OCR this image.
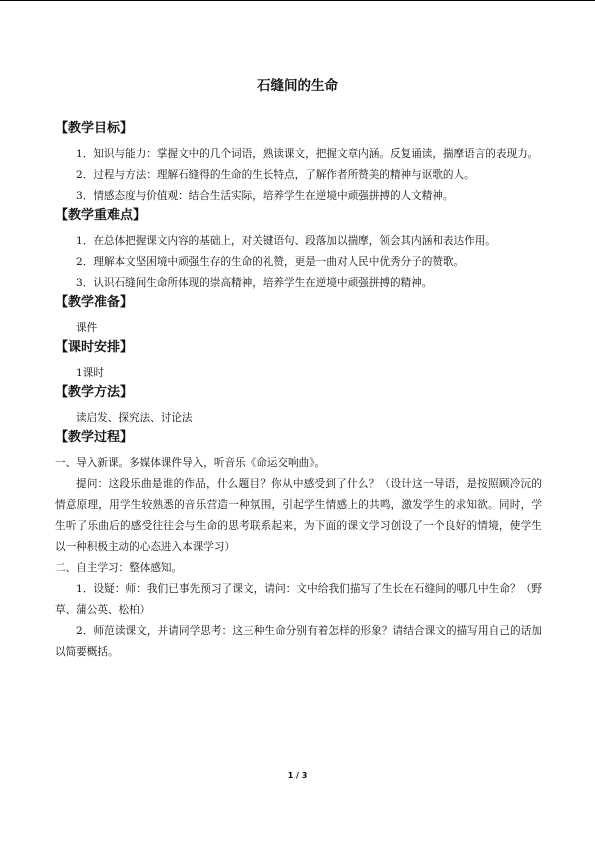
石缝间的生命

【教学目标】

1．知识与能力：掌握文中的几个词语，熟读课文，把握文章内涵。反复诵读，揣摩语言的表现力。

2．过程与方法：理解石缝得的生命的生长特点，了解作者所赞美的精神与讴歌的人。

3．情感态度与价值观：结合生活实际，培养学生在逆境中顽强拼搏的人文精神。

【教学重难点】

1．在总体把握课文内容的基础上，对关键语句、段落加以揣摩，领会其内涵和表达作用。

2．理解本文坚困境中顽强生存的生命的礼赞，更是一曲对人民中优秀分子的赞歌。

3．认识石缝间生命所体现的崇高精神，培养学生在逆境中顽强拼搏的精神。

【教学准备】

课件

【课时安排】

1课时

【教学方法】

读启发、探究法、讨论法

【教学过程】

一、导入新课。多媒体课件导入，听音乐《命运交响曲》。

提问：这段乐曲是谁的作品，什么题目？你从中感受到了什么？（设计这一导语，是按照顾冷沅的情意原理，用学生较熟悉的音乐营造一种氛围，引起学生情感上的共鸣，激发学生的求知欲。同时，学生听了乐曲后的感受往往会与生命的思考联系起来，为下面的课文学习创设了一个良好的情境，使学生以一种积极主动的心态进入本课学习）

二、自主学习：整体感知。

1．设疑：师：我们已事先预习了课文，请问：文中给我们描写了生长在石缝间的哪几中生命？（野草、蒲公英、松柏）

2．师范读课文，并请同学思考：这三种生命分别有着怎样的形象？请结合课文的描写用自己的话加以简要概括。

1 / 3
